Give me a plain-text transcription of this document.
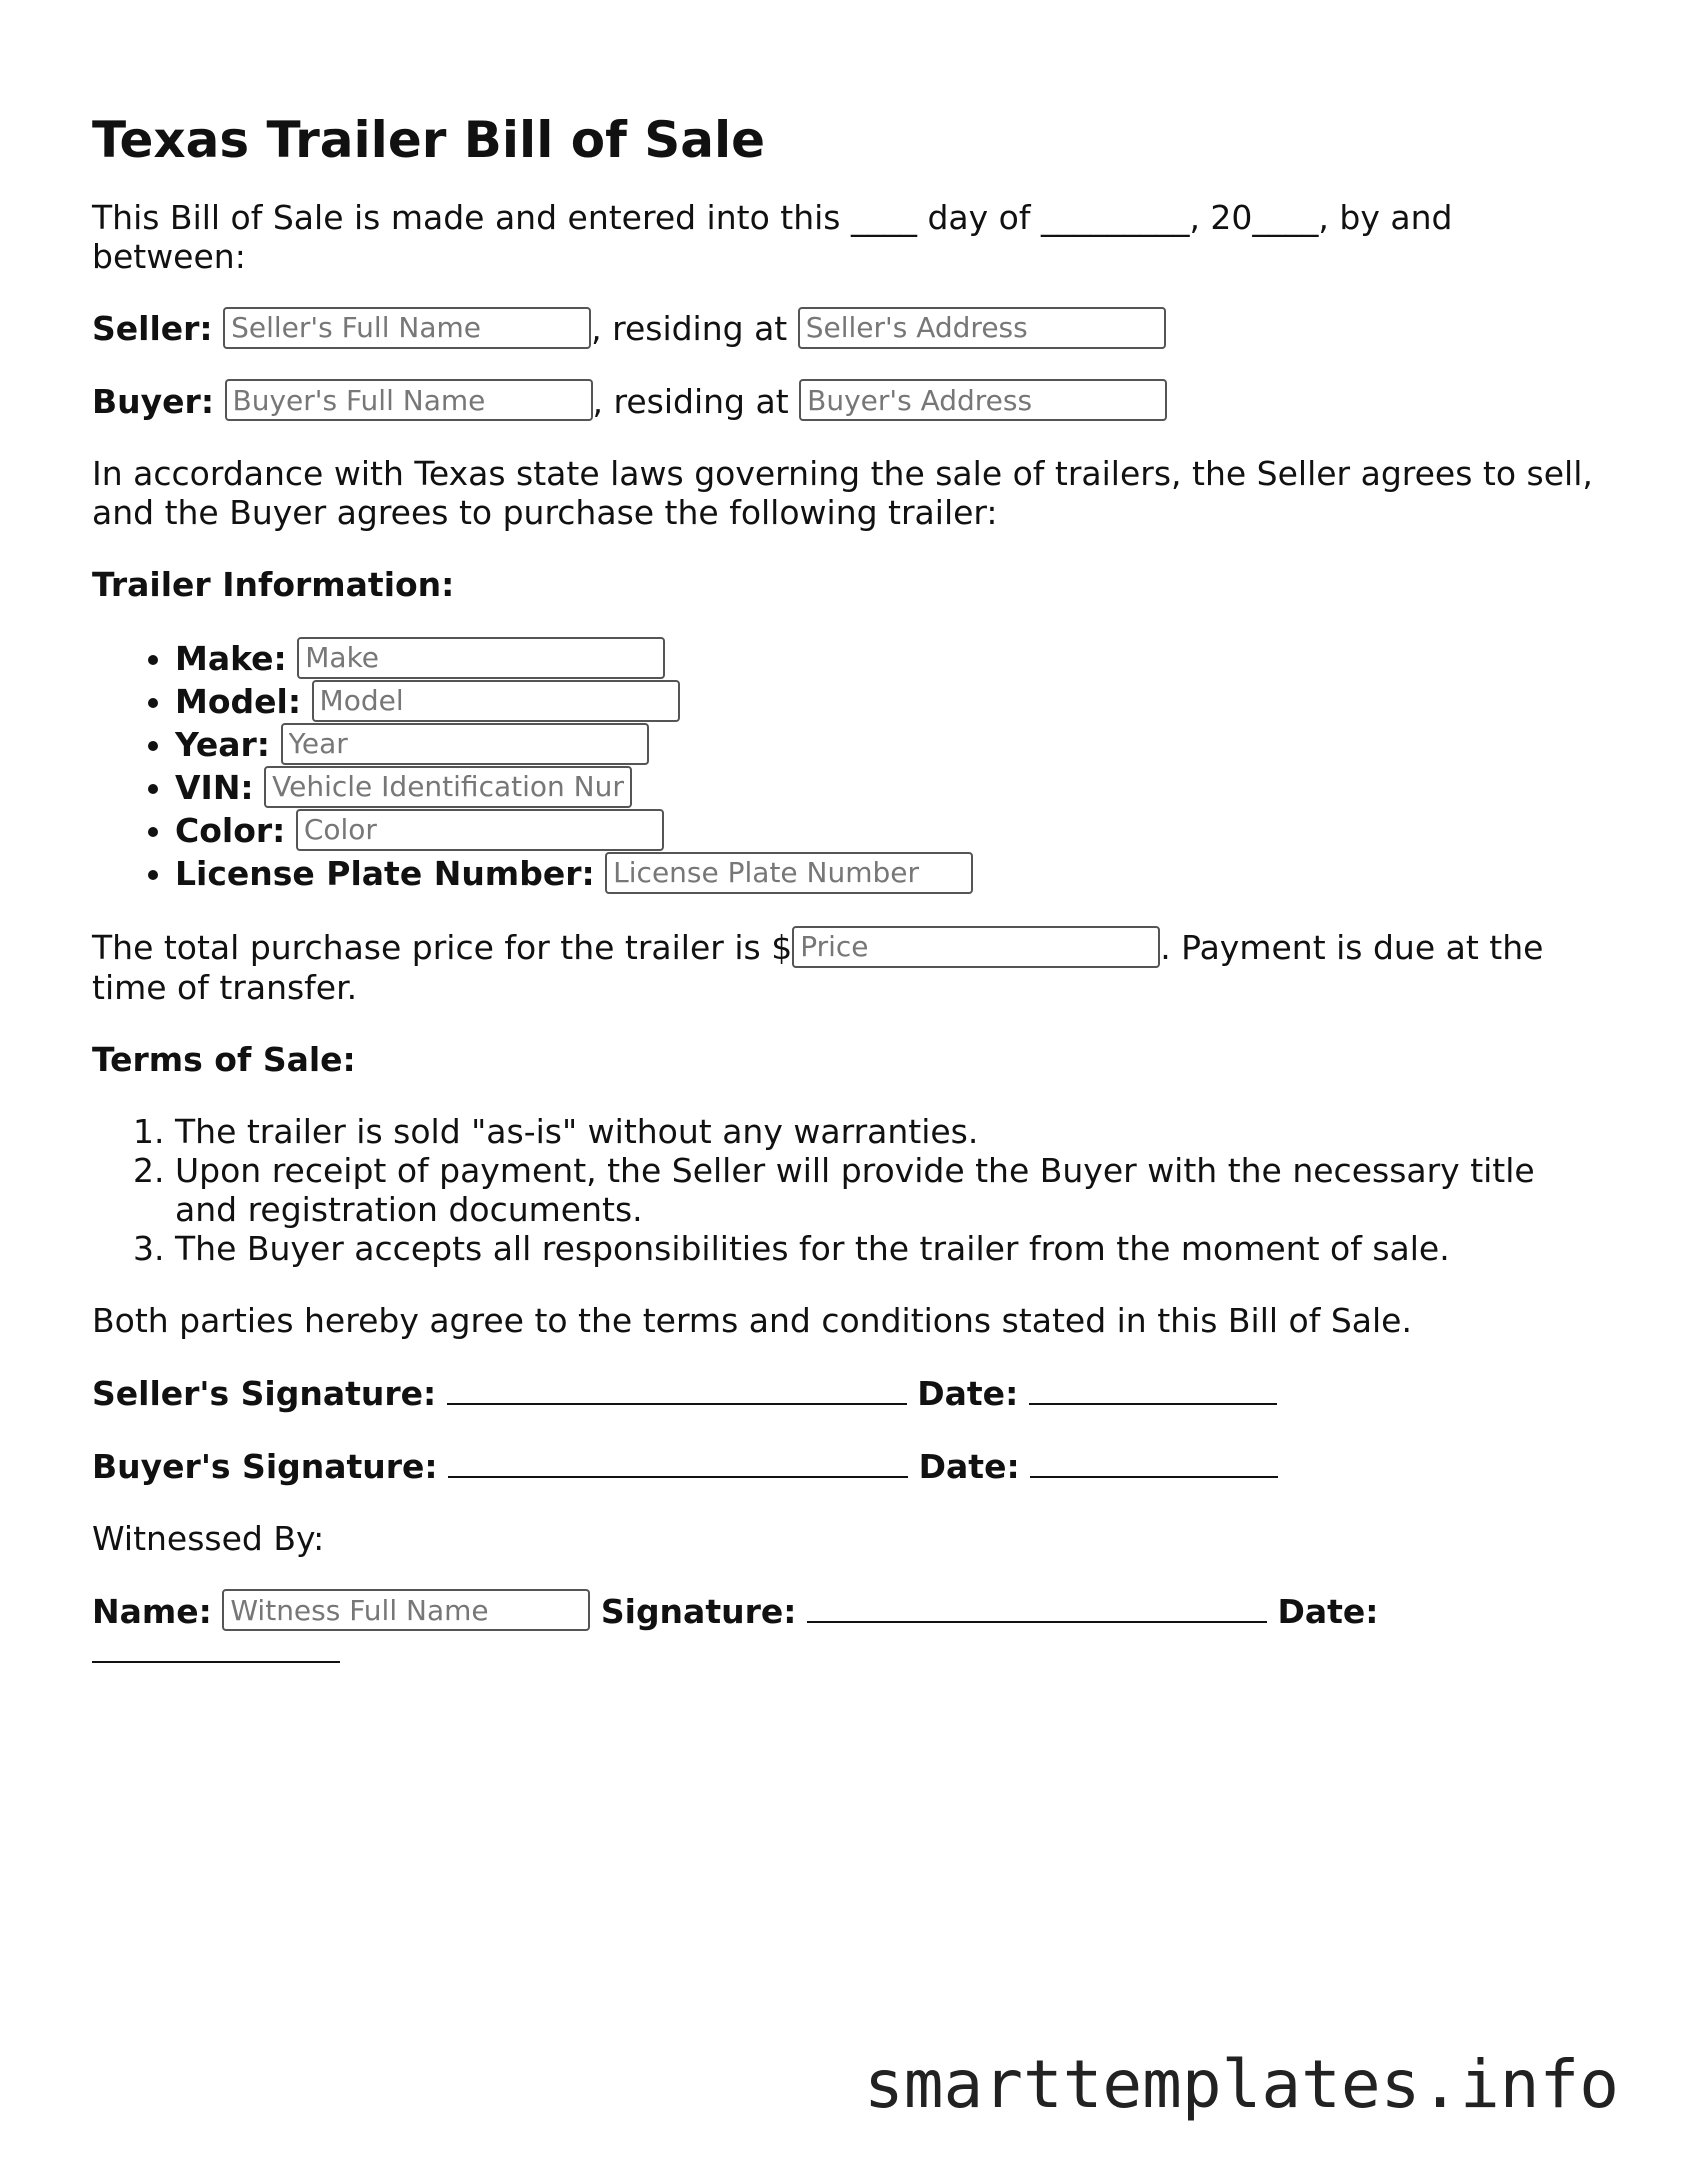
Texas Trailer Bill of Sale

This Bill of Sale is made and entered into this ____ day of _________, 20____, by and between:

Seller: Seller's Full Name	, residing at Seller's Address
Buyer: Buyer's Full Name	, residing at Buyer's Address

In accordance with Texas state laws governing the sale of trailers, the Seller agrees to sell, and the Buyer agrees to purchase the following trailer:

Trailer Information:

• Make: Make
• Model: Model
• Year: Year
• VIN: Vehicle Identification Number
• Color: Color
• License Plate Number: License Plate Number

The total purchase price for the trailer is $Price	. Payment is due at the time of transfer.

Terms of Sale:

1. The trailer is sold "as-is" without any warranties.
2. Upon receipt of payment, the Seller will provide the Buyer with the necessary title and registration documents.
3. The Buyer accepts all responsibilities for the trailer from the moment of sale.

Both parties hereby agree to the terms and conditions stated in this Bill of Sale.

Seller's Signature:	Date:
Buyer's Signature:	Date:

Witnessed By:

Name: Witness Full Name	Signature:	Date:

smarttemplates.info
